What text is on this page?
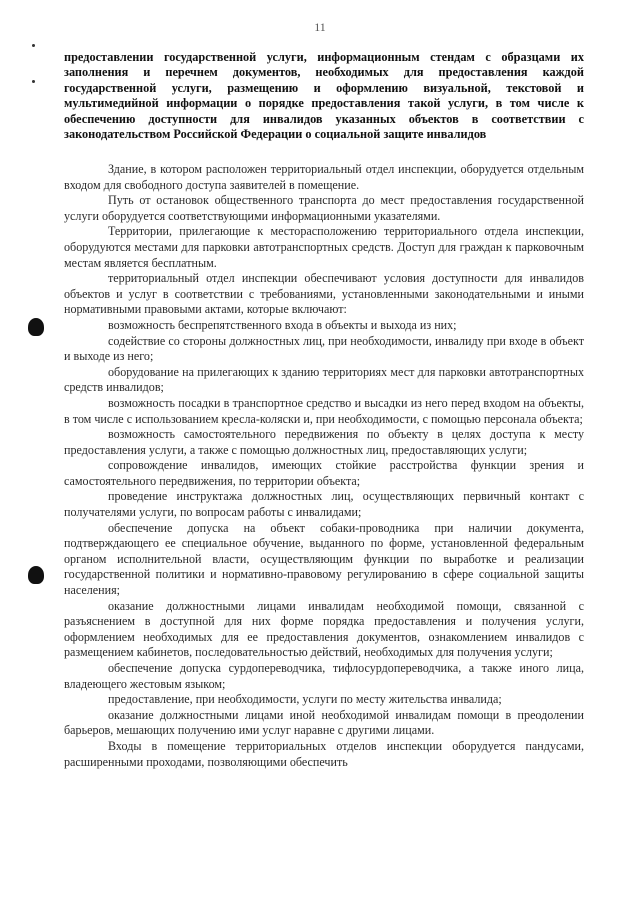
11
предоставлении государственной услуги, информационным стендам с образцами их заполнения и перечнем документов, необходимых для предоставления каждой государственной услуги, размещению и оформлению визуальной, текстовой и мультимедийной информации о порядке предоставления такой услуги, в том числе к обеспечению доступности для инвалидов указанных объектов в соответствии с законодательством Российской Федерации о социальной защите инвалидов

Здание, в котором расположен территориальный отдел инспекции, оборудуется отдельным входом для свободного доступа заявителей в помещение.

Путь от остановок общественного транспорта до мест предоставления государственной услуги оборудуется соответствующими информационными указателями.

Территории, прилегающие к месторасположению территориального отдела инспекции, оборудуются местами для парковки автотранспортных средств. Доступ для граждан к парковочным местам является бесплатным.

территориальный отдел инспекции обеспечивают условия доступности для инвалидов объектов и услуг в соответствии с требованиями, установленными законодательными и иными нормативными правовыми актами, которые включают:

возможность беспрепятственного входа в объекты и выхода из них;

содействие со стороны должностных лиц, при необходимости, инвалиду при входе в объект и выходе из него;

оборудование на прилегающих к зданию территориях мест для парковки автотранспортных средств инвалидов;

возможность посадки в транспортное средство и высадки из него перед входом на объекты, в том числе с использованием кресла-коляски и, при необходимости, с помощью персонала объекта;

возможность самостоятельного передвижения по объекту в целях доступа к месту предоставления услуги, а также с помощью должностных лиц, предоставляющих услуги;

сопровождение инвалидов, имеющих стойкие расстройства функции зрения и самостоятельного передвижения, по территории объекта;

проведение инструктажа должностных лиц, осуществляющих первичный контакт с получателями услуги, по вопросам работы с инвалидами;

обеспечение допуска на объект собаки-проводника при наличии документа, подтверждающего ее специальное обучение, выданного по форме, установленной федеральным органом исполнительной власти, осуществляющим функции по выработке и реализации государственной политики и нормативно-правовому регулированию в сфере социальной защиты населения;

оказание должностными лицами инвалидам необходимой помощи, связанной с разъяснением в доступной для них форме порядка предоставления и получения услуги, оформлением необходимых для ее предоставления документов, ознакомлением инвалидов с размещением кабинетов, последовательностью действий, необходимых для получения услуги;

обеспечение допуска сурдопереводчика, тифлосурдопереводчика, а также иного лица, владеющего жестовым языком;

предоставление, при необходимости, услуги по месту жительства инвалида;

оказание должностными лицами иной необходимой инвалидам помощи в преодолении барьеров, мешающих получению ими услуг наравне с другими лицами.

Входы в помещение территориальных отделов инспекции оборудуется пандусами, расширенными проходами, позволяющими обеспечить
